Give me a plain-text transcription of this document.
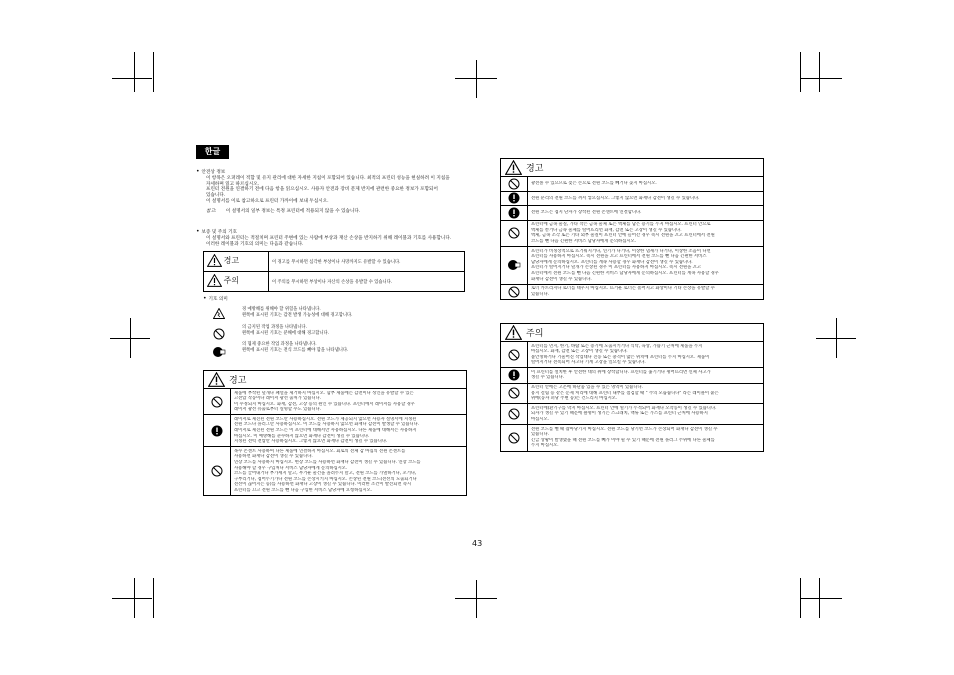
한글
• 안전상 정보
이 항목은 오퍼레이 적합 및 유지 관리에 대한 자세한 지침이 포함되어 있습니다. 최적의 프린터 성능을 현실하려 이 지침을
자세하며 읽고 따르십시오.
프린터 전원을 연결하기 전에 다음 항을 읽으십시오. 사용자 안전과 장비 문제 반지에 관련한 중요한 정보가 포함되어
있습니다.
이 설명서를 이로 참고하으로 프린터 가까이에 보내 두십시오.
참고: 이 설명서의 일부 정보는 특정 프린터에 적용되지 않을 수 있습니다.
• 보증 및 주의 기호
이 설명서와 프린터는 적절치며 프린터 주변에 있는 사람에 부상과 재산 손상을 반지하기 위해 레이블과 기호를 사용합니다.
이러한 레이블과 기호의 의미는 다음과 같습니다.
경고	이 경고를 무시하면 심각한 부상이나 사망까지도 유발할 수 있습니다.
주의	이 주의를 무시하면 부상이나 자산의 손상을 유발할 수 있습니다.
• 기호 의미
경 예방해를 위해야 할 위험을 나타냅니다.
왼쪽에 표시된 기호는 감전 발생 가능성에 대해 경고합니다.
의 금지된 작업 과정을 나타냅니다.
왼쪽에 표시된 기호는 분해에 대해 경고합니다.
의 협제 중요한 작업 과정을 나타냅니다.
왼쪽에 표시된 기호는 전식 코드를 빼야 함을 나타냅니다.
경고
제품에 부착된 덮개나 패널을 제거하지 마십시오. 함부 제품에는 감전이나 성인을 유발할 수 있는
고전압 작동이나 레이저 광선 출처가 있습니다.
이 수정되지 마십시오. 화재, 감전, 고장 등의 원인 수 있습니다. 프린터에서 레이저를 사용할 경우
레이저 광선 유출로부터 실명할 수도 있습니다.
레이저로 제진된 전원 코드만 사용하십시오. 전원 코드가 제공되지 않으면 사용자 설명서에 지정된
전원 코드나 플러그만 사용하십시오. 이 코드를 사용하지 않으면 화재나 감전이 발생할 수 있습니다.
레이저로 제진된 전원 코드는 이 프린터에 대해서만 사용하십시오. 다른 제품에 대해서는 사용하지
마십시오. 이 예방해를 준수하지 않으면 화재나 감전이 생길 수 있습니다.
지정된 전력 전압만 사용하십시오. 그렇지 않으면 화재나 감전이 생길 수 있습니다.
목수 콘센트 사용하여 다른 제품에 연결하지 마십시오. 회로의 전체 감 마집의 전원 콘센트를
사용하면 화재나 감전이 생길 수 있습니다.
연장 코드를 사용하지 마십시오. 현장 코드를 사용하면 화재나 감전이 생길 수 있습니다. 연장 코드를
사용해야 할 경우 구입처나 서비스 담당자에게 문의하십시오.
코드를 끌어내거나 부가세지 말고, 무거운 물건을 올려두지 말고, 전원 코드를 가열하거나, 꼬거나,
구부리거나, 접어두기가나 전원 코드를 손상시키지 마십시오. 손상된 전원 코드(전선의 노출되거나
전선이 끊어지는 등)를 사용하면 화재나 고장이 생길 수 있습니다. 이러한 조건이 발견되면 즉시
프린터를 끄고 전원 코드를 뺀 다음 구입한 서비스 담당자에 요청하십시오.
경고
광전볼 수 있으므로 젖은 손으로 전원 코드를 빼거나 꽂지 마십시오.
전원 분리의 전원 코드를 꺼서 넣으십시오. 그렇지 않으면 화재나 감전이 생길 수 있습니다.
전원 코드는 접지 단자가 장착된 전원 콘센트에 연결합니다.
프린터에 금속 물질, 가타 작은 금속 물체 또는 액체를 담은 용기를 두지 마십시오. 프린터 안으로
액체를 쏟거나 금속 물체를 떨어뜨리면 화재, 감전 또는 고장이 생길 수 있습니다.
액체, 금속 조각 또는 기타 외부 물질이 프린터 안에 들어간 경우 즉시 전원을 끄고 프린터에서 전원
코드를 뺀 다음 긴편한 서비스 담당자에게 문의하십시오.
프린터가 비정상적으로 뜨거워지거나, 연기가 나거나, 이상한 냄새가 나거나, 이상한 소음이 나면
프린터를 사용하지 마십시오. 즉시 전원을 끄고 프린터에서 전원 코드를 뺀 다음 긴편한 서비스
담당자에게 문의하십시오. 프린터를 계속 사용할 경우 화재나 감전이 생길 수 있습니다.
프린터가 떨어지거나 덮개가 손상된 경우 이 프린터를 사용하지 마십시오. 즉시 전원을 끄고
프린터에서 전원 코드를 뺀 다음 긴편한 서비스 담당자에게 문의하십시오. 프린터를 계속 사용할 경우
화재나 감전이 생길 수 있습니다.
로너 카트리지나 로너를 태우지 마십시오. 뜨거운 로너는 흩어지고 화상이나 기타 손상을 유발할 수
있습니다.
주의
프린터를 먼지, 한기, 바람 또는 증기에 노출시키거나 식탁, 육상, 가습기 근처에 제품을 두지
마십시오. 화재, 감전 또는 고장이 생길 수 있습니다.
불안정하거나 기울어진 작업대나 진동 또는 충격이 많은 위치에 프린터를 두지 마십시오. 제품이
떨어지거나 전복되어 사고나 기계 고장을 일으킬 수 있습니다.
이 프린터를 설치한 후 안전한 대의 위에 장착합니다. 프린터를 옮기거나 펑어뜨리면 신체 사고가
생길 수 있습니다.
프린터 안에는 고온에 하단품 있을 수 있는 영역이 있습니다.
용지 걸림 등 같은 문제 처리에 대해 프린터 내부를 점검할 때 " 주의 모듭습니다" 라는 레이블이 붙은
위에(동자 퍼당 주변 등)는 건드리지 마십시오.
프린터에(환기구를 막지 마십시오. 프린터 안에 열기가 누적되어 화재나 오작동이 생길 수 있습니다.
되자가 생길 수 있기 때문에 클멍이 생기는 스크래치, 맥류 또는 가스를 프린터 근처에 사용하지
마십시오.
전원 코드를 뺄 때 잡아당기지 마십시오. 전원 코드를 당기면 코드가 손상되어 화재나 감전이 생길 수
있습니다.
긴급 상황이 발생했을 때 전원 코드를 빼가 이야 될 수 있기 때문에 전원 플러그 주위에 다른 물체를
두지 마십시오.
43
